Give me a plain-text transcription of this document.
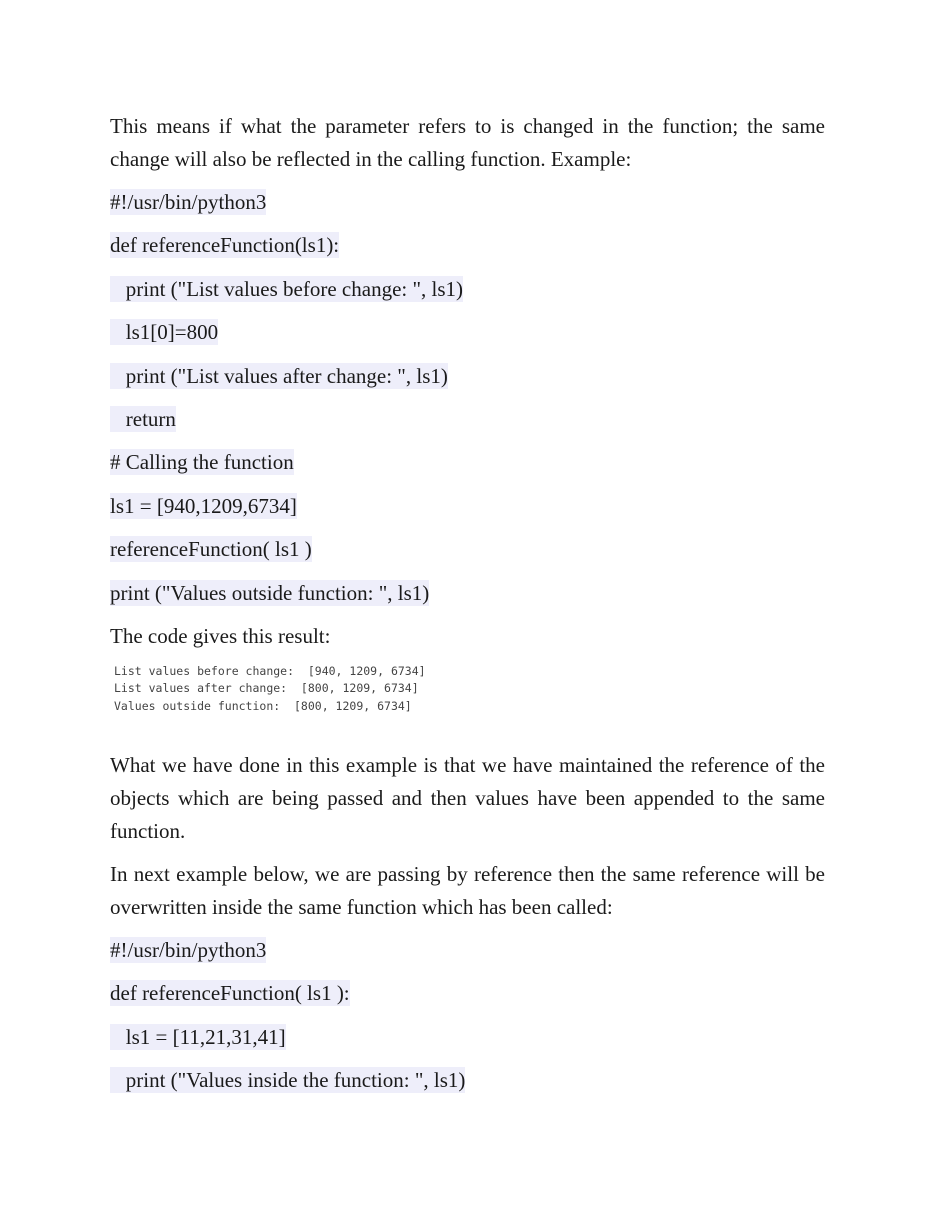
This means if what the parameter refers to is changed in the function; the same change will also be reflected in the calling function. Example:

#!/usr/bin/python3
def referenceFunction(ls1):
print ("List values before change: ", ls1)
ls1[0]=800
print ("List values after change: ", ls1)
return
# Calling the function
ls1 = [940,1209,6734]
referenceFunction( ls1 )
print ("Values outside function: ", ls1)
The code gives this result:
List values before change:  [940, 1209, 6734]
List values after change:  [800, 1209, 6734]
Values outside function:  [800, 1209, 6734]

What we have done in this example is that we have maintained the reference of the objects which are being passed and then values have been appended to the same function.

In next example below, we are passing by reference then the same reference will be overwritten inside the same function which has been called:

#!/usr/bin/python3
def referenceFunction( ls1 ):
ls1 = [11,21,31,41]
print ("Values inside the function: ", ls1)
